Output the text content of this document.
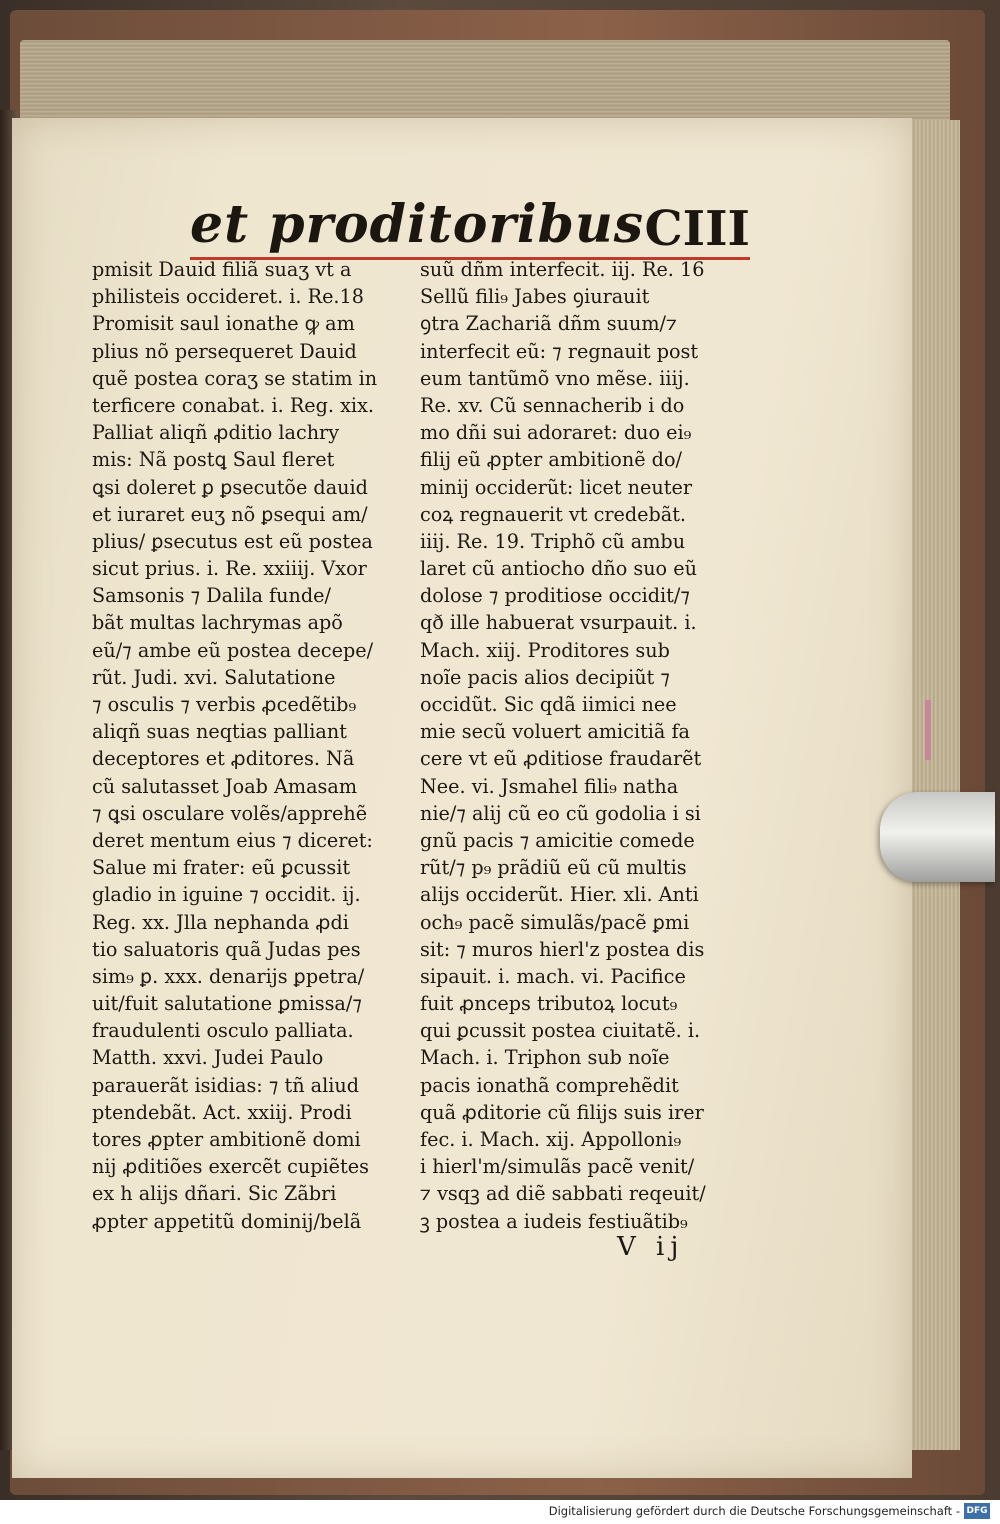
et proditoribus CIII
pmisit Dauid filiã suaʒ vt a
philisteis occideret. i. Re.18
Promisit saul ionathe ꝙ am
plius nõ persequeret Dauid
quẽ postea coraʒ se statim in
terficere conabat. i. Reg. xix.
Palliat aliqñ ꝓditio lachry
mis: Nã postꝗ Saul fleret
ꝗsi doleret ꝑ ꝑsecutõe dauid
et iuraret euʒ nõ ꝑsequi am/
plius/ ꝑsecutus est eũ postea
sicut prius. i. Re. xxiiij. Vxor
Samsonis ⁊ Dalila funde/
bãt multas lachrymas apõ
eũ/⁊ ambe eũ postea decepe/
rũt. Judi. xvi. Salutatione
⁊ osculis ⁊ verbis ꝓcedẽtib₉
aliqñ suas neqtias palliant
deceptores et ꝓditores. Nã
cũ salutasset Joab Amasam
⁊ ꝗsi osculare volẽs/apprehẽ
deret mentum eius ⁊ diceret:
Salue mi frater: eũ ꝑcussit
gladio in iguine ⁊ occidit. ij.
Reg. xx. Jlla nephanda ꝓdi
tio saluatoris quã Judas pes
sim₉ ꝑ. xxx. denarijs ꝑpetra/
uit/fuit salutatione ꝑmissa/⁊
fraudulenti osculo palliata.
Matth. xxvi. Judei Paulo
parauerãt isidias: ⁊ tñ aliud
ptendebãt. Act. xxiij. Prodi
tores ꝓpter ambitionẽ domi
nij ꝓditiões exercẽt cupiẽtes
ex h alijs dñari. Sic Zãbri
ꝓpter appetitũ dominij/belã
suũ dñm interfecit. iij. Re. 16
Sellũ fili₉ Jabes ꝯiurauit
ꝯtra Zachariã dñm suum/⁊
interfecit eũ: ⁊ regnauit post
eum tantũmõ vno mẽse. iiij.
Re. xv. Cũ sennacherib i do
mo dñi sui adoraret: duo ei₉
filij eũ ꝓpter ambitionẽ do/
minij occiderũt: licet neuter
coꝝ regnauerit vt credebãt.
iiij. Re. 19. Triphõ cũ ambu
laret cũ antiocho dño suo eũ
dolose ⁊ proditiose occidit/⁊
qð ille habuerat vsurpauit. i.
Mach. xiij. Proditores sub
noĩe pacis alios decipiũt ⁊
occidũt. Sic qdã iimici nee
mie secũ voluert amicitiã fa
cere vt eũ ꝓditiose fraudarẽt
Nee. vi. Jsmahel fili₉ natha
nie/⁊ alij cũ eo cũ godolia i si
gnũ pacis ⁊ amicitie comede
rũt/⁊ p₉ prãdiũ eũ cũ multis
alijs occiderũt. Hier. xli. Anti
och₉ pacẽ simulãs/pacẽ ꝑmi
sit: ⁊ muros hierl'z postea dis
sipauit. i. mach. vi. Pacifice
fuit ꝓnceps tributoꝝ locut₉
qui ꝑcussit postea ciuitatẽ. i.
Mach. i. Triphon sub noĩe
pacis ionathã comprehẽdit
quã ꝓditorie cũ filijs suis irer
fec. i. Mach. xij. Appolloni₉
i hierl'm/simulãs pacẽ venit/
⁊ vsqꝫ ad diẽ sabbati reqeuit/
ꝫ postea a iudeis festiuãtib₉
V ij
Digitalisierung gefördert durch die Deutsche Forschungsgemeinschaft - DFG
